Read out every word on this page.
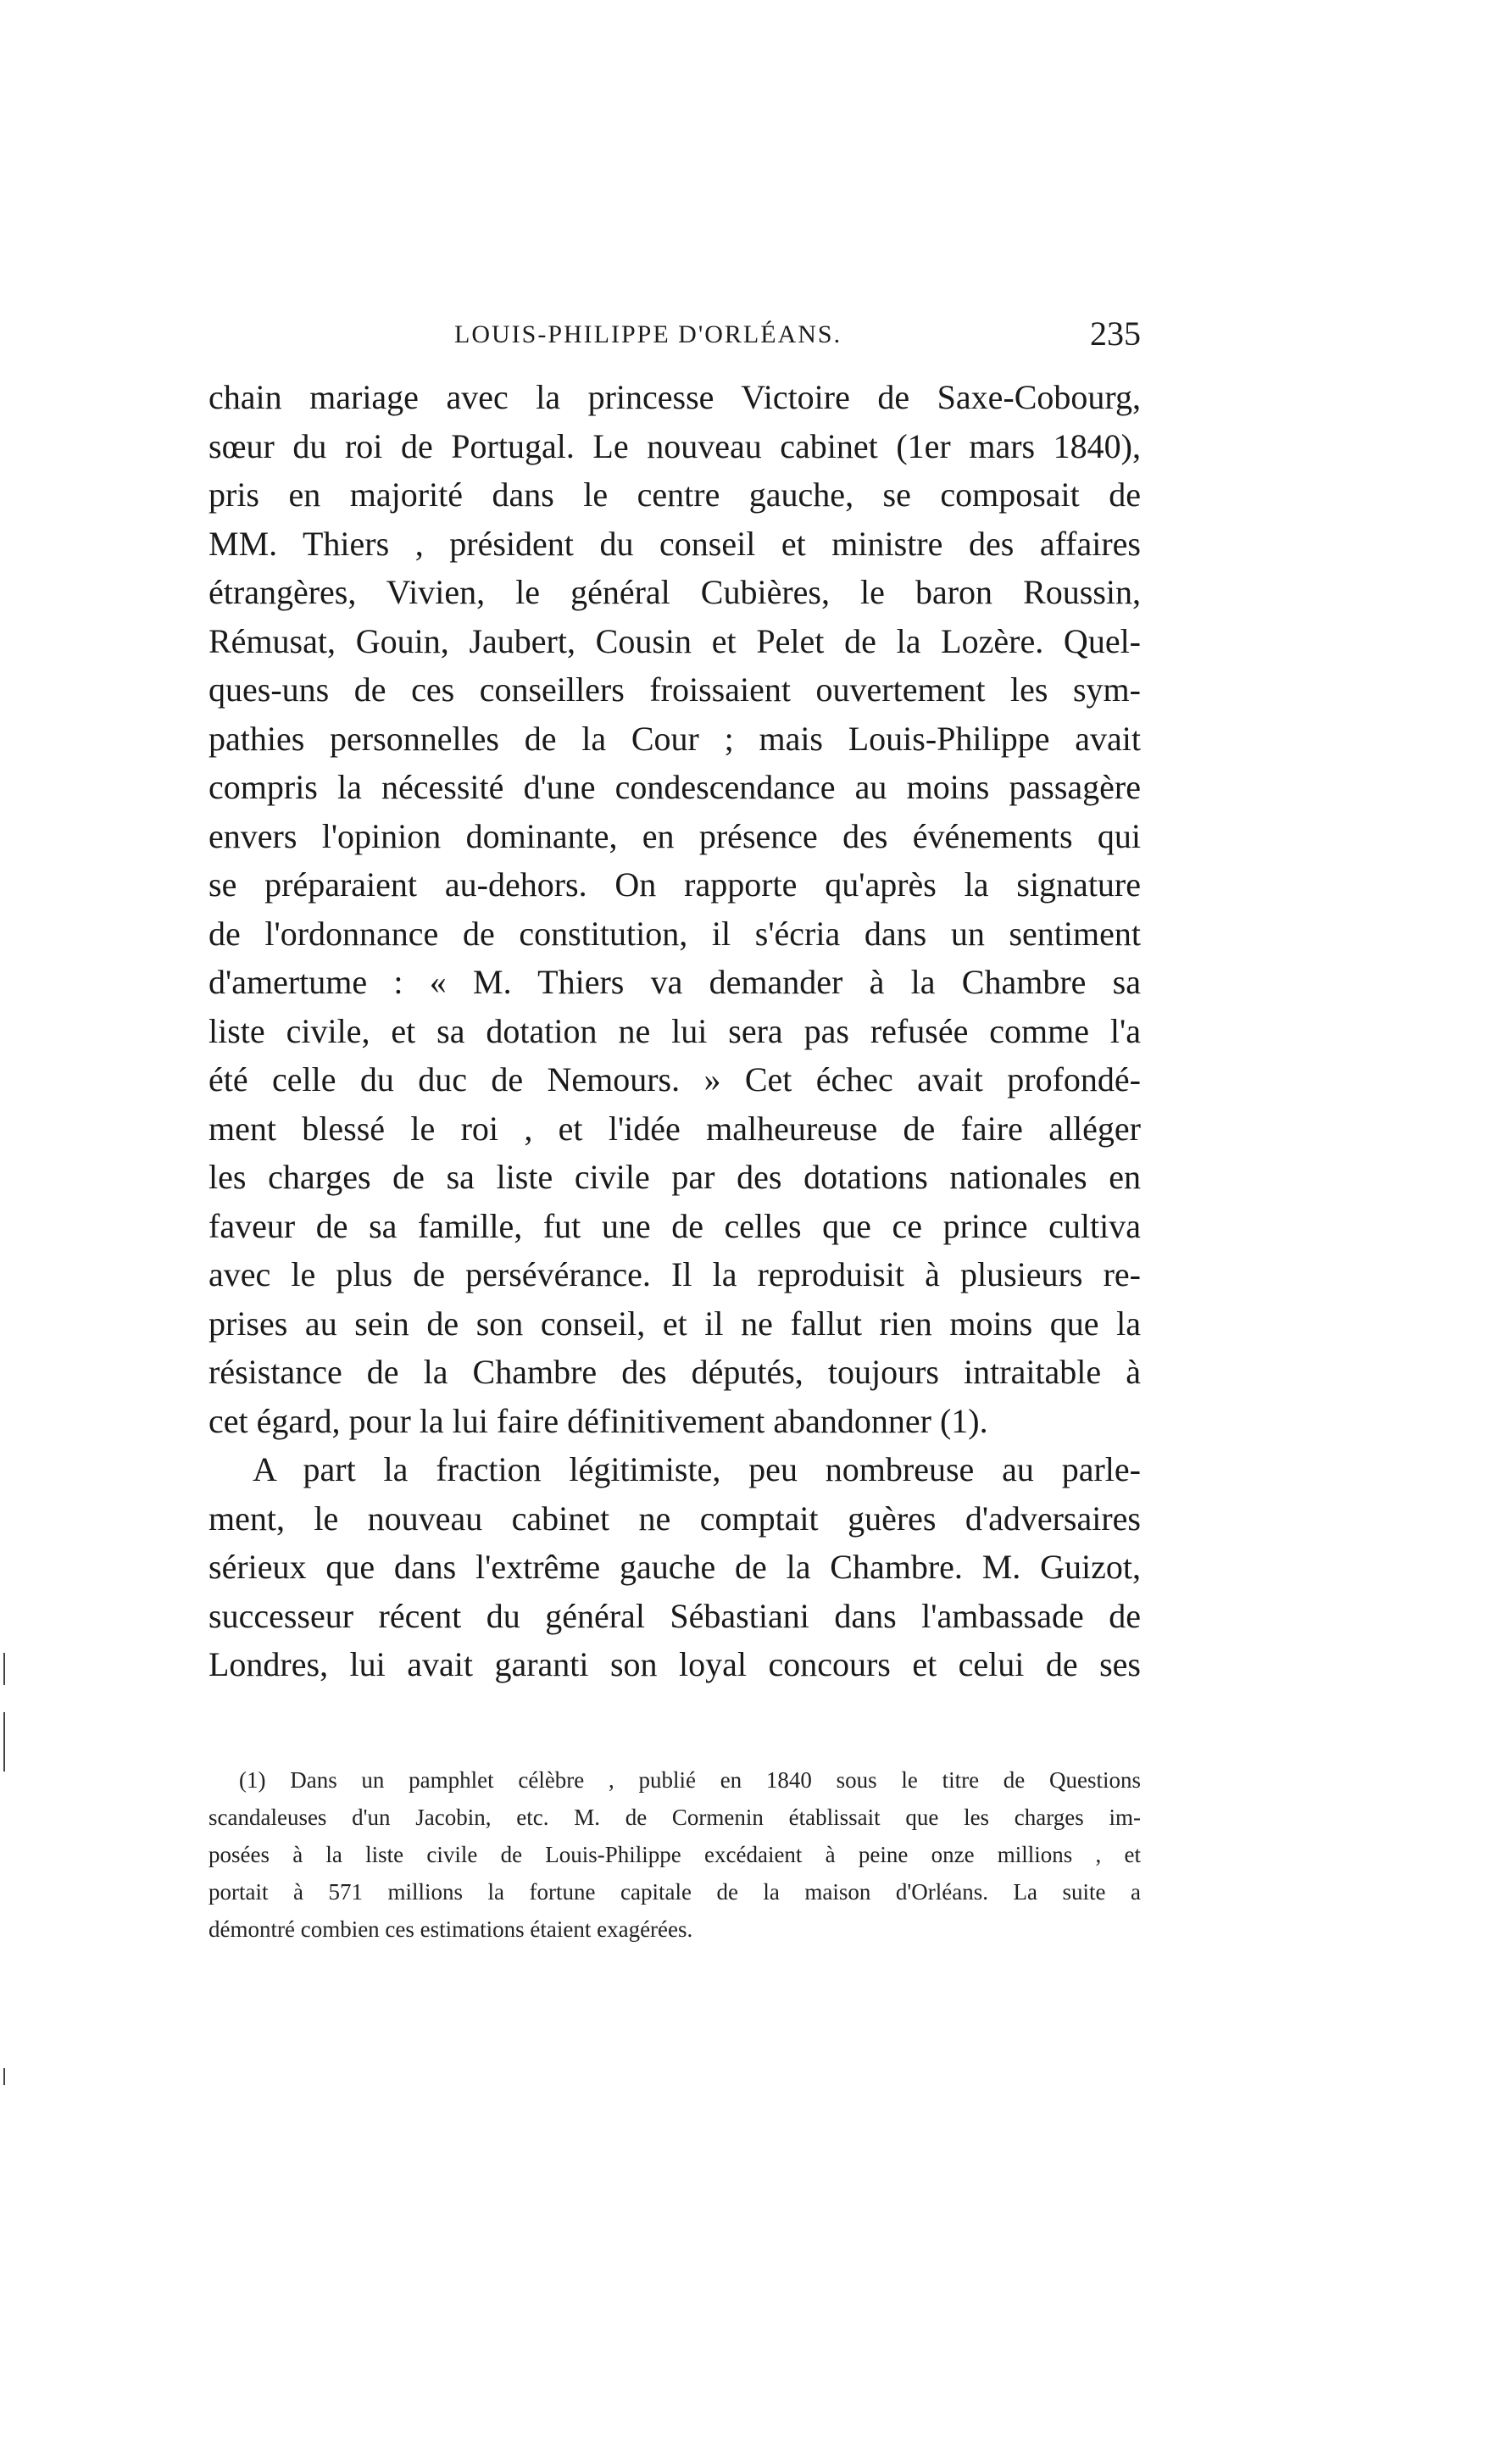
LOUIS-PHILIPPE D'ORLÉANS.	235
chain mariage avec la princesse Victoire de Saxe-Cobourg,
sœur du roi de Portugal. Le nouveau cabinet (1er mars 1840),
pris en majorité dans le centre gauche, se composait de
MM. Thiers , président du conseil et ministre des affaires
étrangères, Vivien, le général Cubières, le baron Roussin,
Rémusat, Gouin, Jaubert, Cousin et Pelet de la Lozère. Quel-
ques-uns de ces conseillers froissaient ouvertement les sym-
pathies personnelles de la Cour ; mais Louis-Philippe avait
compris la nécessité d'une condescendance au moins passagère
envers l'opinion dominante, en présence des événements qui
se préparaient au-dehors. On rapporte qu'après la signature
de l'ordonnance de constitution, il s'écria dans un sentiment
d'amertume : « M. Thiers va demander à la Chambre sa
liste civile, et sa dotation ne lui sera pas refusée comme l'a
été celle du duc de Nemours. » Cet échec avait profondé-
ment blessé le roi , et l'idée malheureuse de faire alléger
les charges de sa liste civile par des dotations nationales en
faveur de sa famille, fut une de celles que ce prince cultiva
avec le plus de persévérance. Il la reproduisit à plusieurs re-
prises au sein de son conseil, et il ne fallut rien moins que la
résistance de la Chambre des députés, toujours intraitable à
cet égard, pour la lui faire définitivement abandonner (1).
A part la fraction légitimiste, peu nombreuse au parle-
ment, le nouveau cabinet ne comptait guères d'adversaires
sérieux que dans l'extrême gauche de la Chambre. M. Guizot,
successeur récent du général Sébastiani dans l'ambassade de
Londres, lui avait garanti son loyal concours et celui de ses
(1) Dans un pamphlet célèbre , publié en 1840 sous le titre de Questions
scandaleuses d'un Jacobin, etc. M. de Cormenin établissait que les charges im-
posées à la liste civile de Louis-Philippe excédaient à peine onze millions , et
portait à 571 millions la fortune capitale de la maison d'Orléans. La suite a
démontré combien ces estimations étaient exagérées.
